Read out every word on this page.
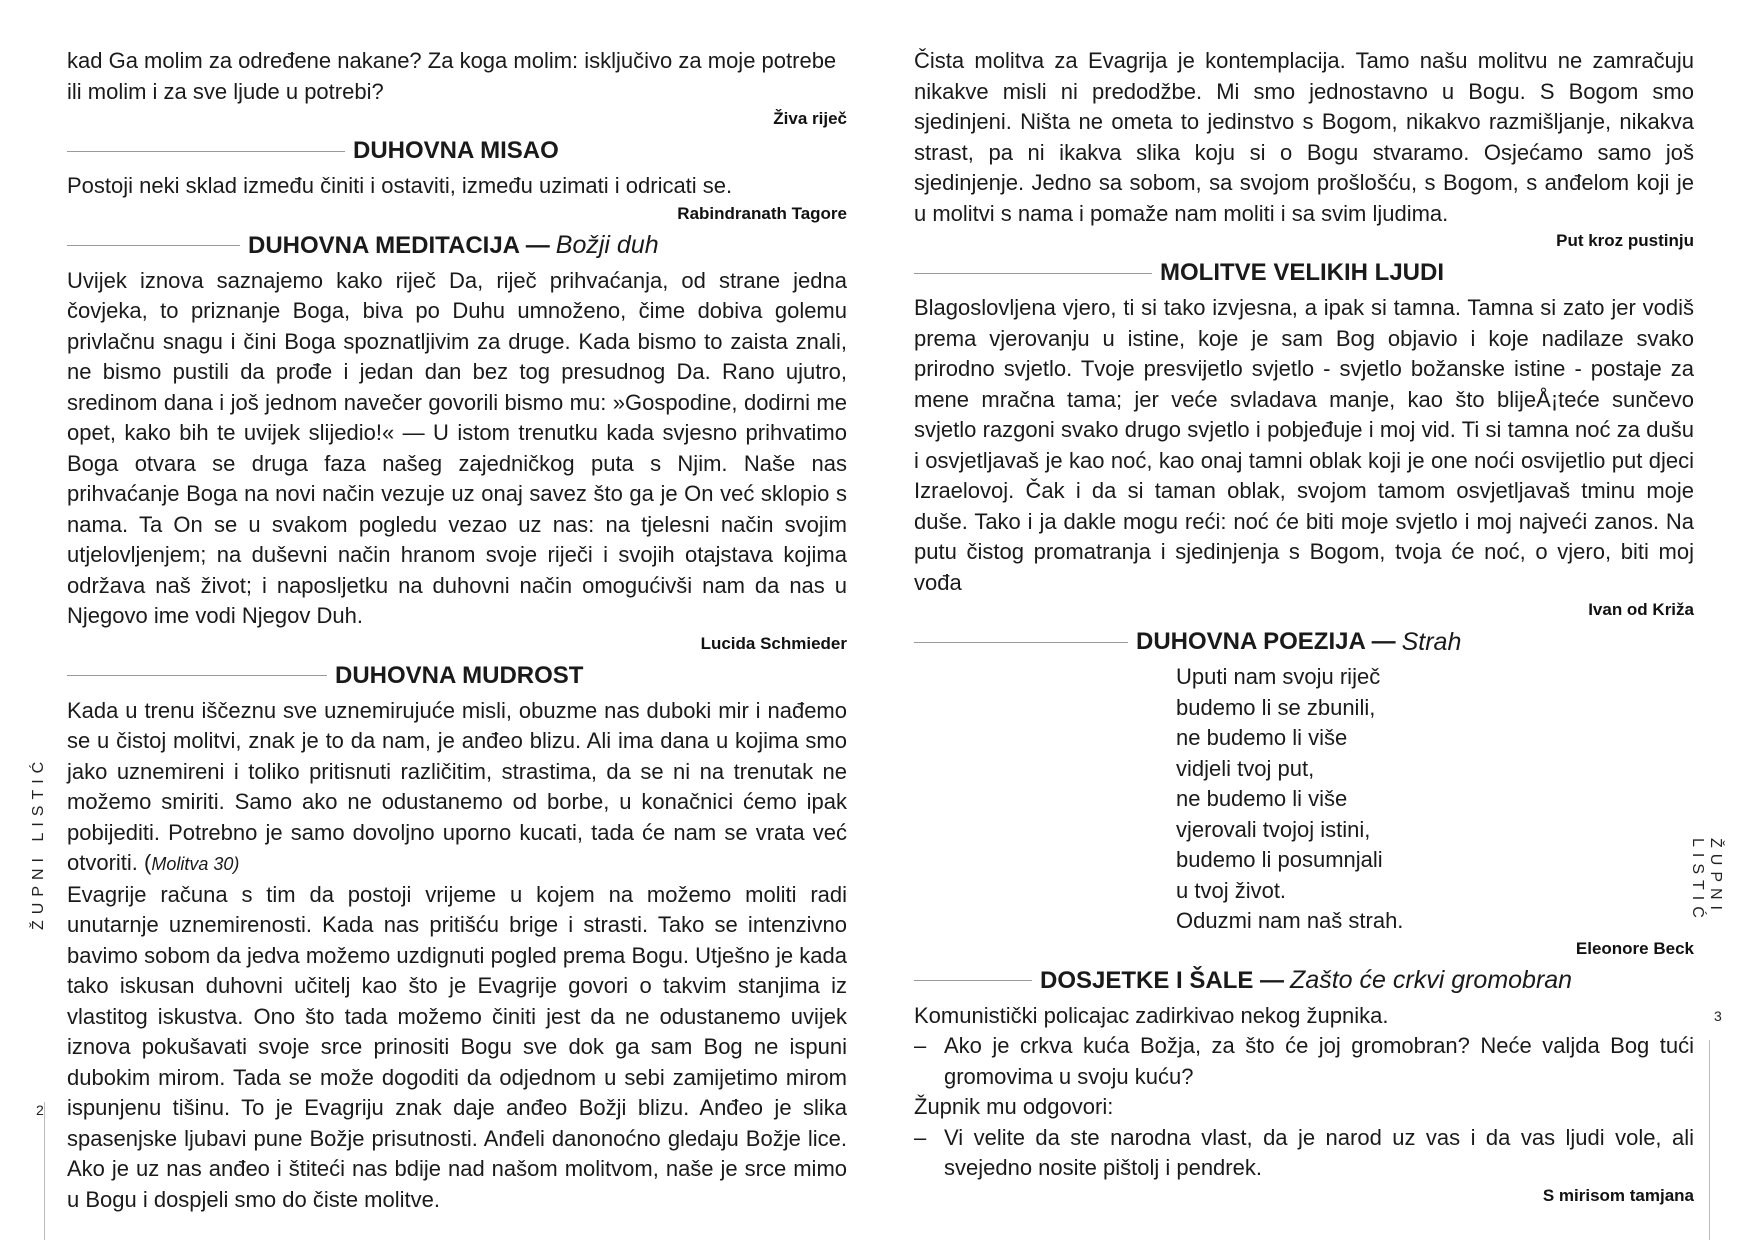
kad Ga molim za određene nakane? Za koga molim: isključivo za moje potrebe ili molim i za sve ljude u potrebi?

Živa riječ
DUHOVNA MISAO

Postoji neki sklad između činiti i ostaviti, između uzimati i odricati se.

Rabindranath Tagore
DUHOVNA MEDITACIJA — Božji duh

Uvijek iznova saznajemo kako riječ Da, riječ prihvaćanja, od strane jedna čovjeka, to priznanje Boga, biva po Duhu umnoženo, čime dobiva golemu privlačnu snagu i čini Boga spoznatljivim za druge. Kada bismo to zaista znali, ne bismo pustili da prođe i jedan dan bez tog presudnog Da. Rano ujutro, sredinom dana i još jednom navečer govorili bismo mu: »Gospodine, dodirni me opet, kako bih te uvijek slijedio!« — U istom trenutku kada svjesno prihvatimo Boga otvara se druga faza našeg zajedničkog puta s Njim. Naše nas prihvaćanje Boga na novi način vezuje uz onaj savez što ga je On već sklopio s nama. Ta On se u svakom pogledu vezao uz nas: na tjelesni način svojim utjelovljenjem; na duševni način hranom svoje riječi i svojih otajstava kojima održava naš život; i naposljetku na duhovni način omogućivši nam da nas u Njegovo ime vodi Njegov Duh.

Lucida Schmieder
DUHOVNA MUDROST

Kada u trenu iščeznu sve uznemirujuće misli, obuzme nas duboki mir i nađemo se u čistoj molitvi, znak je to da nam, je anđeo blizu. Ali ima dana u kojima smo jako uznemireni i toliko pritisnuti različitim, strastima, da se ni na trenutak ne možemo smiriti. Samo ako ne odustanemo od borbe, u konačnici ćemo ipak pobijediti. Potrebno je samo dovoljno uporno kucati, tada će nam se vrata već otvoriti. (Molitva 30)

Evagrije računa s tim da postoji vrijeme u kojem na možemo moliti radi unutarnje uznemirenosti. Kada nas pritišću brige i strasti. Tako se intenzivno bavimo sobom da jedva možemo uzdignuti pogled prema Bogu. Utješno je kada tako iskusan duhovni učitelj kao što je Evagrije govori o takvim stanjima iz vlastitog iskustva. Ono što tada možemo činiti jest da ne odustanemo uvijek iznova pokušavati svoje srce prinositi Bogu sve dok ga sam Bog ne ispuni dubokim mirom. Tada se može dogoditi da odjednom u sebi zamijetimo mirom ispunjenu tišinu. To je Evagriju znak daje anđeo Božji blizu. Anđeo je slika spasenjske ljubavi pune Božje prisutnosti. Anđeli danonoćno gledaju Božje lice. Ako je uz nas anđeo i štiteći nas bdije nad našom molitvom, naše je srce mimo u Bogu i dospjeli smo do čiste molitve.

ŽUPNI LISTIĆ
2

Čista molitva za Evagrija je kontemplacija. Tamo našu molitvu ne zamračuju nikakve misli ni predodžbe. Mi smo jednostavno u Bogu. S Bogom smo sjedinjeni. Ništa ne ometa to jedinstvo s Bogom, nikakvo razmišljanje, nikakva strast, pa ni ikakva slika koju si o Bogu stvaramo. Osjećamo samo još sjedinjenje. Jedno sa sobom, sa svojom prošlošću, s Bogom, s anđelom koji je u molitvi s nama i pomaže nam moliti i sa svim ljudima.

Put kroz pustinju
MOLITVE VELIKIH LJUDI

Blagoslovljena vjero, ti si tako izvjesna, a ipak si tamna. Tamna si zato jer vodiš prema vjerovanju u istine, koje je sam Bog objavio i koje nadilaze svako prirodno svjetlo. Tvoje presvijetlo svjetlo - svjetlo božanske istine - postaje za mene mračna tama; jer veće svladava manje, kao što blijeÅ¡teće sunčevo svjetlo razgoni svako drugo svjetlo i pobjeđuje i moj vid. Ti si tamna noć za dušu i osvjetljavaš je kao noć, kao onaj tamni oblak koji je one noći osvijetlio put djeci Izraelovoj. Čak i da si taman oblak, svojom tamom osvjetljavaš tminu moje duše. Tako i ja dakle mogu reći: noć će biti moje svjetlo i moj najveći zanos. Na putu čistog promatranja i sjedinjenja s Bogom, tvoja će noć, o vjero, biti moj vođa

Ivan od Križa
DUHOVNA POEZIJA — Strah
Uputi nam svoju riječ
budemo li se zbunili,
ne budemo li više
vidjeli tvoj put,
ne budemo li više
vjerovali tvojoj istini,
budemo li posumnjali
u tvoj život.
Oduzmi nam naš strah.
Eleonore Beck
DOSJETKE I ŠALE — Zašto će crkvi gromobran
Komunistički policajac zadirkivao nekog župnika.
– Ako je crkva kuća Božja, za što će joj gromobran? Neće valjda Bog tući gromovima u svoju kuću?
Župnik mu odgovori:
– Vi velite da ste narodna vlast, da je narod uz vas i da vas ljudi vole, ali svejedno nosite pištolj i pendrek.
S mirisom tamjana
ŽUPNI LISTIĆ
3
